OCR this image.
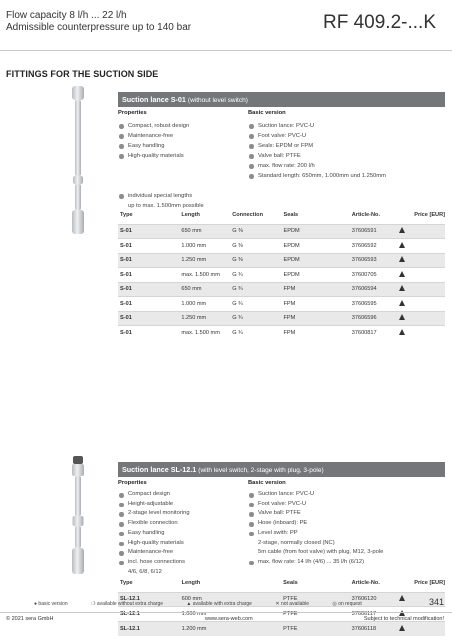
Flow capacity 8 l/h ... 22 l/h
Admissible counterpressure up to 140 bar	RF 409.2-...K
FITTINGS FOR THE SUCTION SIDE
Suction lance S-01 (without level switch)
Properties	Basic version
Compact, robust design
Maintenance-free
Easy handling
High-quality materials
individual special lengths
up to max. 1.500mm possible
Suction lance: PVC-U
Foot valve: PVC-U
Seals: EPDM or FPM
Valve ball: PTFE
max. flow rate: 200 l/h
Standard length: 650mm, 1.000mm und 1.250mm
Type	Length	Connection	Seals	Article-No.	Price [EUR]
S-01	650 mm	G ⅜	EPDM	37606591	
S-01	1.000 mm	G ⅜	EPDM	37606592	
S-01	1.250 mm	G ⅜	EPDM	37606593	
S-01	max. 1.500 mm	G ¾	EPDM	37600705	
S-01	650 mm	G ¾	FPM	37606594	
S-01	1.000 mm	G ¾	FPM	37606595	
S-01	1.250 mm	G ¾	FPM	37606596	
S-01	max. 1.500 mm	G ¾	FPM	37600817	
Suction lance SL-12.1 (with level switch, 2-stage with plug, 3-pole)
Properties	Basic version
Compact design
Height-adjustable
2-stage level monitoring
Flexible connection
Easy handling
High-quality materials
Maintenance-free
incl. hose connections
4/6, 6/8, 6/12
Suction lance: PVC-U
Foot valve: PVC-U
Valve ball: PTFE
Hose (inboard): PE
Level swith: PP
2-stage, normally closed (NC)
5m cable (from foot valve) with plug, M12, 3-pole
max. flow rate: 14 l/h (4/6) ... 35 l/h (6/12)
Type	Length	Seals	Article-No.	Price [EUR]
SL-12.1	600 mm	PTFE	37606120	
SL-12.1	1.000 mm	PTFE	37606117	
SL-12.1	1.200 mm	PTFE	37606118	
● basic version	❍ available without extra charge	▲ available with extra charge	✕ not available	◎ on request	341
© 2021 sera GmbH	www.sera-web.com	Subject to technical modification!
